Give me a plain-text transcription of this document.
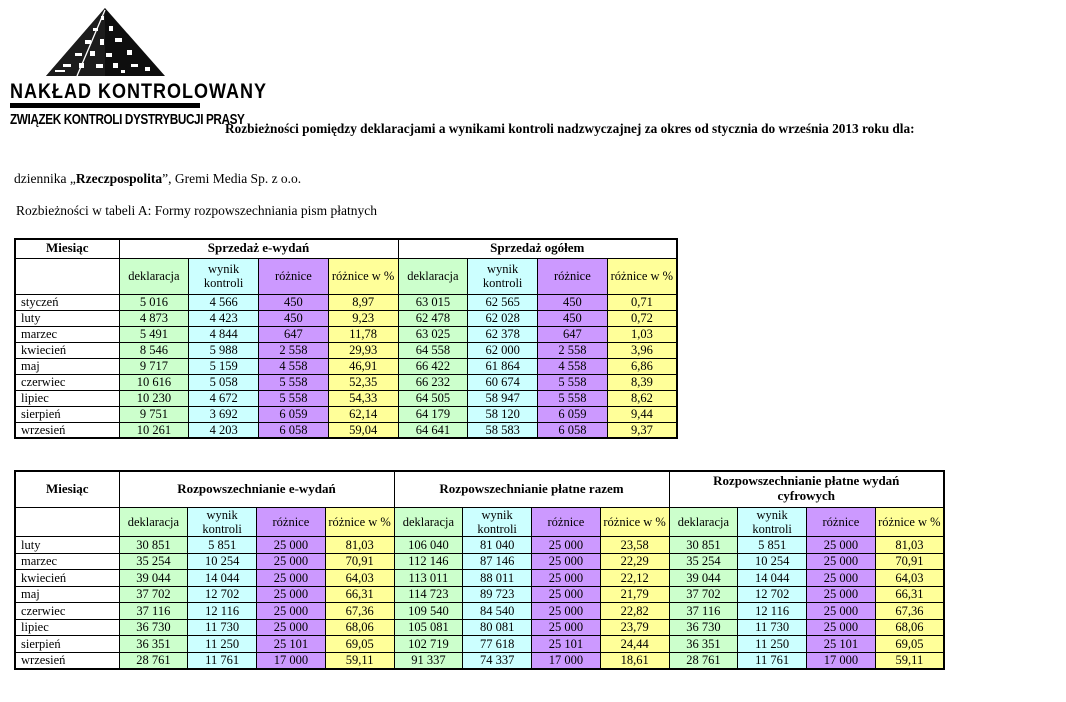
NAKŁAD KONTROLOWANY
ZWIĄZEK KONTROLI DYSTRYBUCJI PRASY
Rozbieżności pomiędzy deklaracjami a wynikami kontroli nadzwyczajnej za okres od stycznia do września 2013 roku dla:
dziennika „Rzeczpospolita”, Gremi Media Sp. z o.o.
Rozbieżności w tabeli A: Formy rozpowszechniania pism płatnych
Miesiąc	Sprzedaż e-wydań				Sprzedaż ogółem			
	deklaracja	wynik kontroli	różnice	różnice w %	deklaracja	wynik kontroli	różnice	różnice w %
styczeń	5 016	4 566	450	8,97	63 015	62 565	450	0,71
luty	4 873	4 423	450	9,23	62 478	62 028	450	0,72
marzec	5 491	4 844	647	11,78	63 025	62 378	647	1,03
kwiecień	8 546	5 988	2 558	29,93	64 558	62 000	2 558	3,96
maj	9 717	5 159	4 558	46,91	66 422	61 864	4 558	6,86
czerwiec	10 616	5 058	5 558	52,35	66 232	60 674	5 558	8,39
lipiec	10 230	4 672	5 558	54,33	64 505	58 947	5 558	8,62
sierpień	9 751	3 692	6 059	62,14	64 179	58 120	6 059	9,44
wrzesień	10 261	4 203	6 058	59,04	64 641	58 583	6 058	9,37
Miesiąc	Rozpowszechnianie e-wydań				Rozpowszechnianie płatne razem				Rozpowszechnianie płatne wydań cyfrowych			
	deklaracja	wynik kontroli	różnice	różnice w %	deklaracja	wynik kontroli	różnice	różnice w %	deklaracja	wynik kontroli	różnice	różnice w %
luty	30 851	5 851	25 000	81,03	106 040	81 040	25 000	23,58	30 851	5 851	25 000	81,03
marzec	35 254	10 254	25 000	70,91	112 146	87 146	25 000	22,29	35 254	10 254	25 000	70,91
kwiecień	39 044	14 044	25 000	64,03	113 011	88 011	25 000	22,12	39 044	14 044	25 000	64,03
maj	37 702	12 702	25 000	66,31	114 723	89 723	25 000	21,79	37 702	12 702	25 000	66,31
czerwiec	37 116	12 116	25 000	67,36	109 540	84 540	25 000	22,82	37 116	12 116	25 000	67,36
lipiec	36 730	11 730	25 000	68,06	105 081	80 081	25 000	23,79	36 730	11 730	25 000	68,06
sierpień	36 351	11 250	25 101	69,05	102 719	77 618	25 101	24,44	36 351	11 250	25 101	69,05
wrzesień	28 761	11 761	17 000	59,11	91 337	74 337	17 000	18,61	28 761	11 761	17 000	59,11
